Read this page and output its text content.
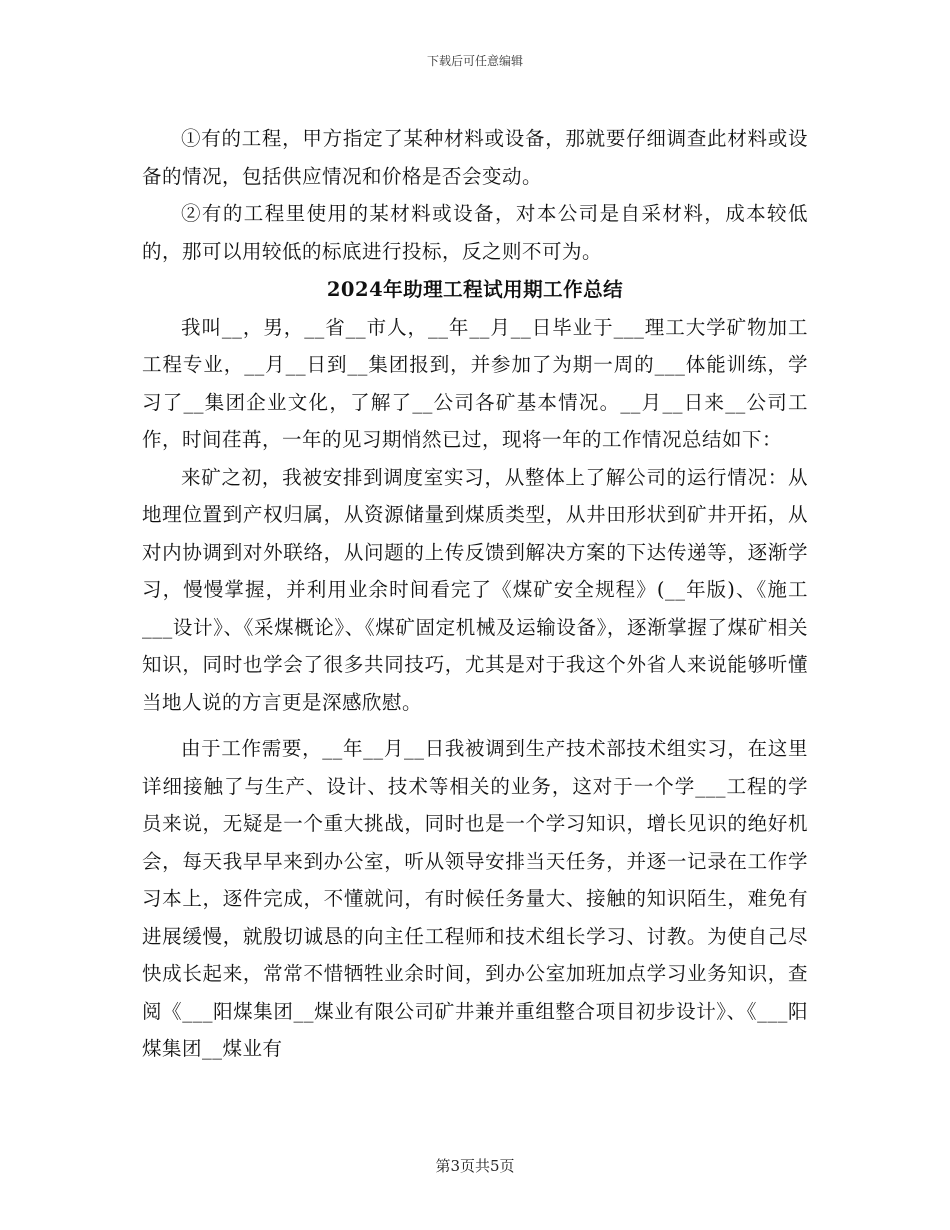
下载后可任意编辑

①有的工程，甲方指定了某种材料或设备，那就要仔细调查此材料或设备的情况，包括供应情况和价格是否会变动。

②有的工程里使用的某材料或设备，对本公司是自采材料，成本较低的，那可以用较低的标底进行投标，反之则不可为。

2024年助理工程试用期工作总结

我叫__，男，__省__市人，__年__月__日毕业于___理工大学矿物加工工程专业，__月__日到__集团报到，并参加了为期一周的___体能训练，学习了__集团企业文化，了解了__公司各矿基本情况。__月__日来__公司工作，时间荏苒，一年的见习期悄然已过，现将一年的工作情况总结如下：

来矿之初，我被安排到调度室实习，从整体上了解公司的运行情况：从地理位置到产权归属，从资源储量到煤质类型，从井田形状到矿井开拓，从对内协调到对外联络，从问题的上传反馈到解决方案的下达传递等，逐渐学习，慢慢掌握，并利用业余时间看完了《煤矿安全规程》(__年版)、《施工___设计》、《采煤概论》、《煤矿固定机械及运输设备》，逐渐掌握了煤矿相关知识，同时也学会了很多共同技巧，尤其是对于我这个外省人来说能够听懂当地人说的方言更是深感欣慰。

由于工作需要，__年__月__日我被调到生产技术部技术组实习，在这里详细接触了与生产、设计、技术等相关的业务，这对于一个学___工程的学员来说，无疑是一个重大挑战，同时也是一个学习知识，增长见识的绝好机会，每天我早早来到办公室，听从领导安排当天任务，并逐一记录在工作学习本上，逐件完成，不懂就问，有时候任务量大、接触的知识陌生，难免有进展缓慢，就殷切诚恳的向主任工程师和技术组长学习、讨教。为使自己尽快成长起来，常常不惜牺牲业余时间，到办公室加班加点学习业务知识，查阅《___阳煤集团__煤业有限公司矿井兼并重组整合项目初步设计》、《___阳煤集团__煤业有

第3页共5页
